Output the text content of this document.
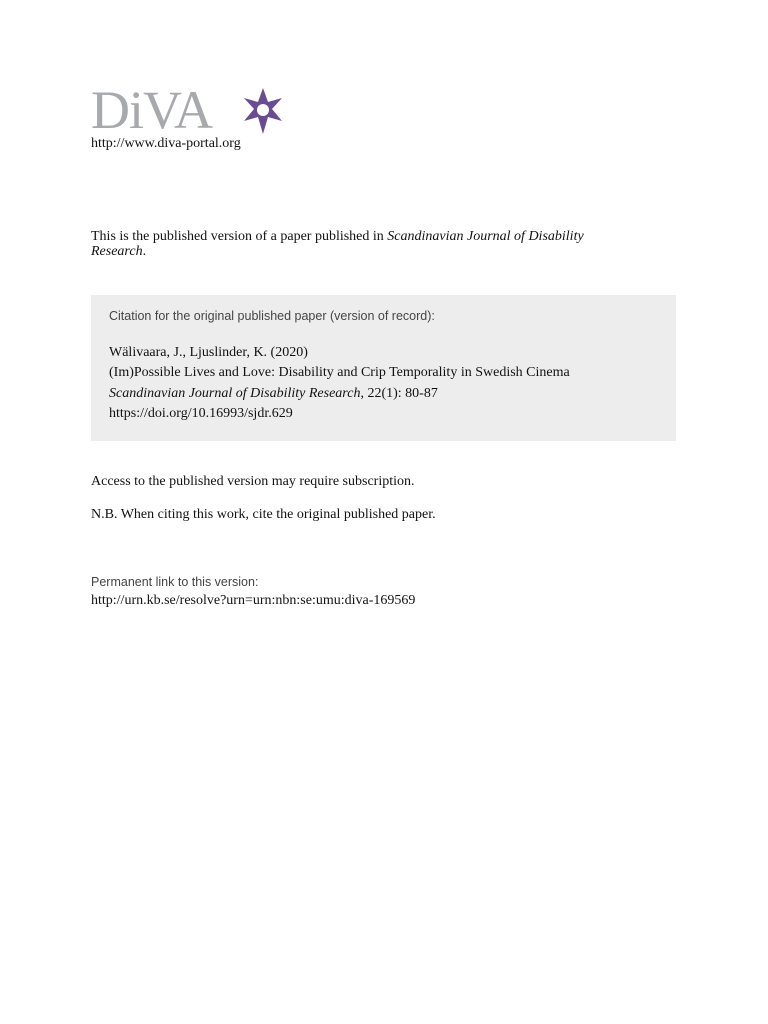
DiVA
http://www.diva-portal.org
This is the published version of a paper published in Scandinavian Journal of Disability
Research.
Citation for the original published paper (version of record):
Wälivaara, J., Ljuslinder, K. (2020)
(Im)Possible Lives and Love: Disability and Crip Temporality in Swedish Cinema
Scandinavian Journal of Disability Research, 22(1): 80-87
https://doi.org/10.16993/sjdr.629
Access to the published version may require subscription.
N.B. When citing this work, cite the original published paper.
Permanent link to this version:
http://urn.kb.se/resolve?urn=urn:nbn:se:umu:diva-169569
